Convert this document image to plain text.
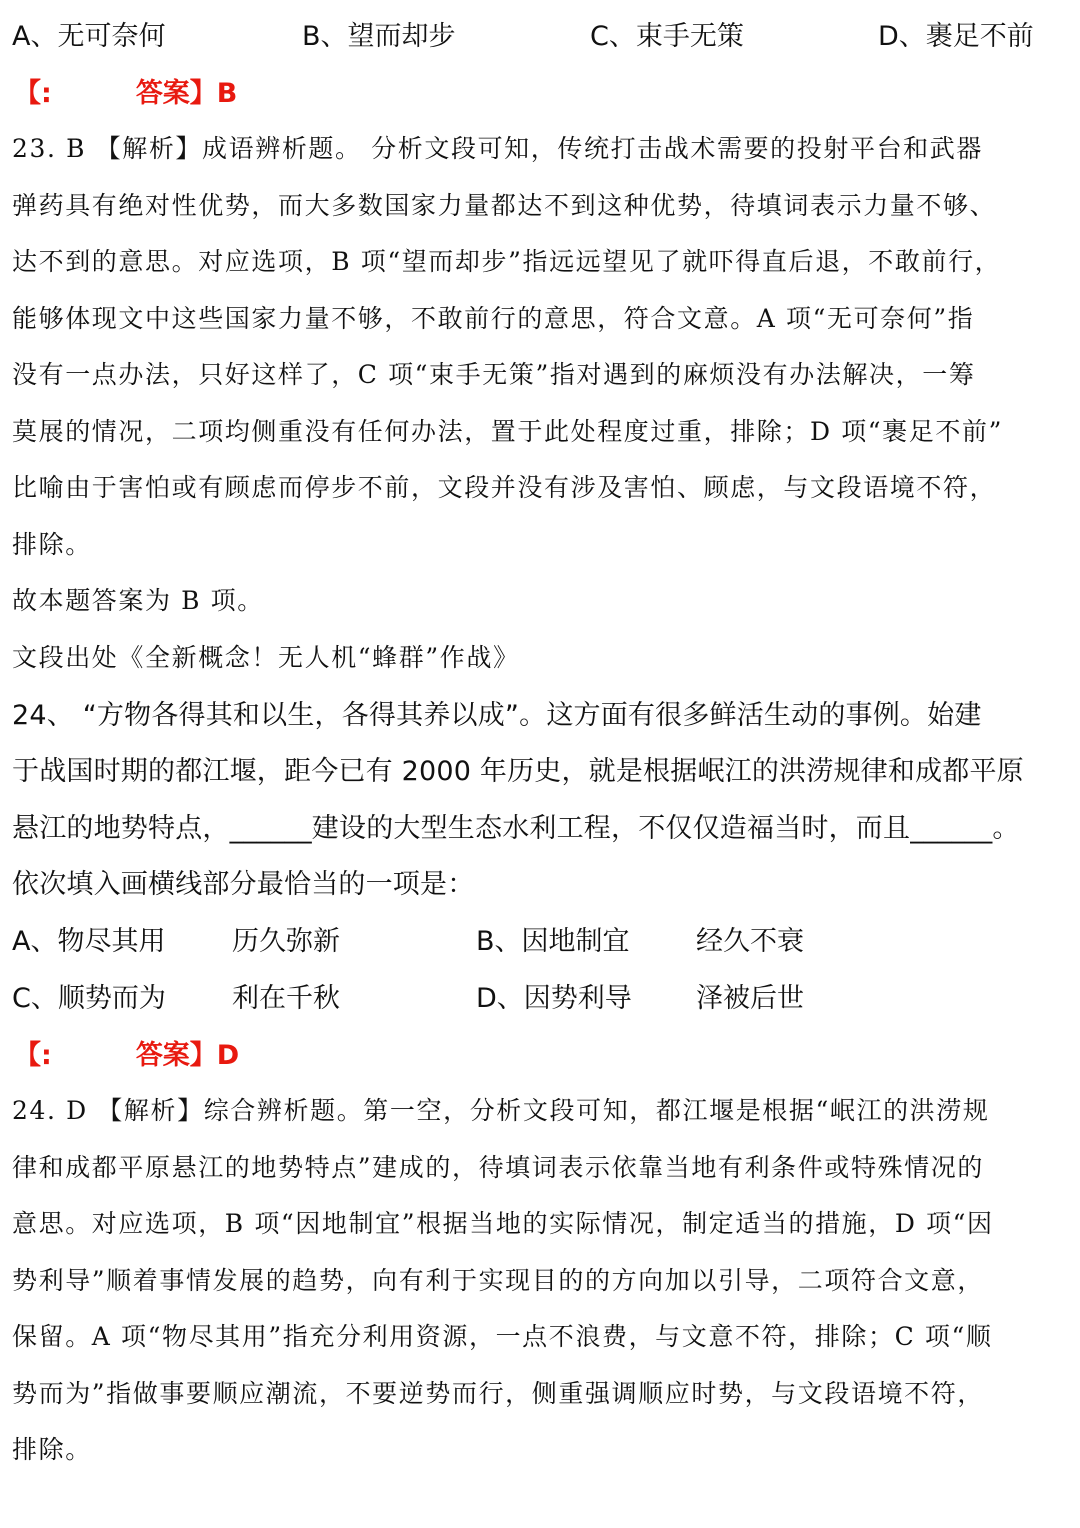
A、无可奈何	B、望而却步	C、束手无策	D、裹足不前
【:	答案】B
23. B 【解析】成语辨析题。 分析文段可知，传统打击战术需要的投射平台和武器
弹药具有绝对性优势，而大多数国家力量都达不到这种优势，待填词表示力量不够、
达不到的意思。对应选项，B 项“望而却步”指远远望见了就吓得直后退，不敢前行，
能够体现文中这些国家力量不够，不敢前行的意思，符合文意。A 项“无可奈何”指
没有一点办法，只好这样了，C 项“束手无策”指对遇到的麻烦没有办法解决，一筹
莫展的情况，二项均侧重没有任何办法，置于此处程度过重，排除；D 项“裹足不前”
比喻由于害怕或有顾虑而停步不前，文段并没有涉及害怕、顾虑，与文段语境不符，
排除。
故本题答案为 B 项。
文段出处《全新概念！无人机“蜂群”作战》
24、 “方物各得其和以生，各得其养以成”。这方面有很多鲜活生动的事例。始建
于战国时期的都江堰，距今已有 2000 年历史，就是根据岷江的洪涝规律和成都平原
悬江的地势特点，______建设的大型生态水利工程，不仅仅造福当时，而且______。
依次填入画横线部分最恰当的一项是：
A、物尽其用 历久弥新	B、因地制宜 经久不衰
C、顺势而为 利在千秋	D、因势利导 泽被后世
【:	答案】D
24. D 【解析】综合辨析题。第一空，分析文段可知，都江堰是根据“岷江的洪涝规
律和成都平原悬江的地势特点”建成的，待填词表示依靠当地有利条件或特殊情况的
意思。对应选项，B 项“因地制宜”根据当地的实际情况，制定适当的措施，D 项“因
势利导”顺着事情发展的趋势，向有利于实现目的的方向加以引导，二项符合文意，
保留。A 项“物尽其用”指充分利用资源，一点不浪费，与文意不符，排除；C 项“顺
势而为”指做事要顺应潮流，不要逆势而行，侧重强调顺应时势，与文段语境不符，
排除。
